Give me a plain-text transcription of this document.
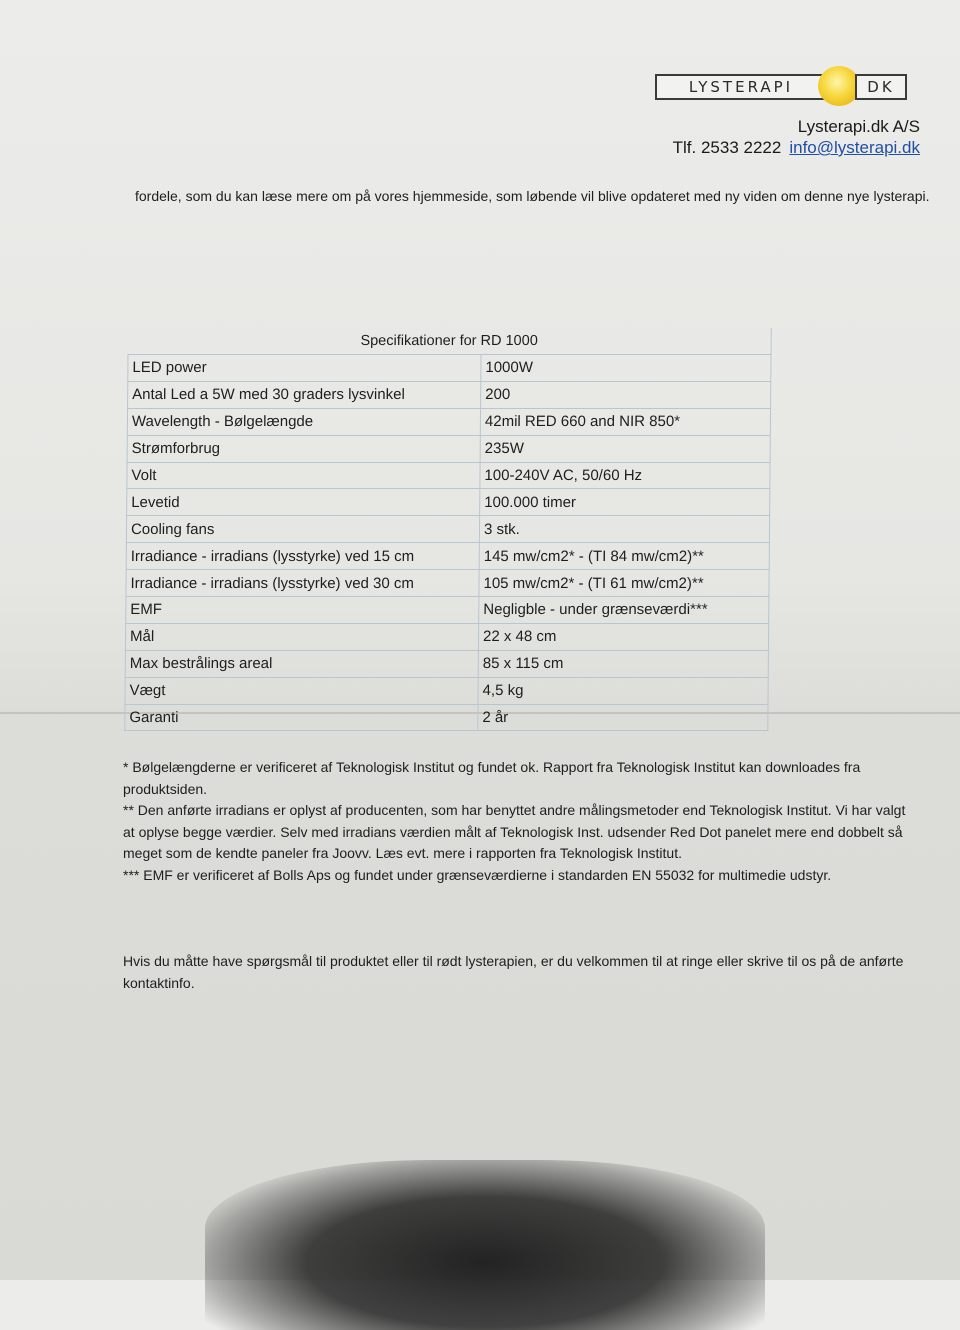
LYSTERAPI	DK
Lysterapi.dk A/S
Tlf. 2533 2222 info@lysterapi.dk
fordele, som du kan læse mere om på vores hjemmeside, som løbende vil blive opdateret med ny viden om denne nye lysterapi.
Specifikationer for RD 1000
LED power	1000W
Antal Led a 5W med 30 graders lysvinkel	200
Wavelength - Bølgelængde	42mil RED 660 and NIR 850*
Strømforbrug	235W
Volt	100-240V AC, 50/60 Hz
Levetid	100.000 timer
Cooling fans	3 stk.
Irradiance - irradians (lysstyrke) ved 15 cm	145 mw/cm2* - (TI 84 mw/cm2)**
Irradiance - irradians (lysstyrke) ved 30 cm	105 mw/cm2* - (TI 61 mw/cm2)**
EMF	Negligble - under grænseværdi***
Mål	22 x 48 cm
Max bestrålings areal	85 x 115 cm
Vægt	4,5 kg
Garanti	2 år
* Bølgelængderne er verificeret af Teknologisk Institut og fundet ok. Rapport fra Teknologisk Institut kan downloades fra produktsiden.
** Den anførte irradians er oplyst af producenten, som har benyttet andre målingsmetoder end Teknologisk Institut. Vi har valgt at oplyse begge værdier. Selv med irradians værdien målt af Teknologisk Inst. udsender Red Dot panelet mere end dobbelt så meget som de kendte paneler fra Joovv. Læs evt. mere i rapporten fra Teknologisk Institut.
*** EMF er verificeret af Bolls Aps og fundet under grænseværdierne i standarden EN 55032 for multimedie udstyr.
Hvis du måtte have spørgsmål til produktet eller til rødt lysterapien, er du velkommen til at ringe eller skrive til os på de anførte kontaktinfo.
